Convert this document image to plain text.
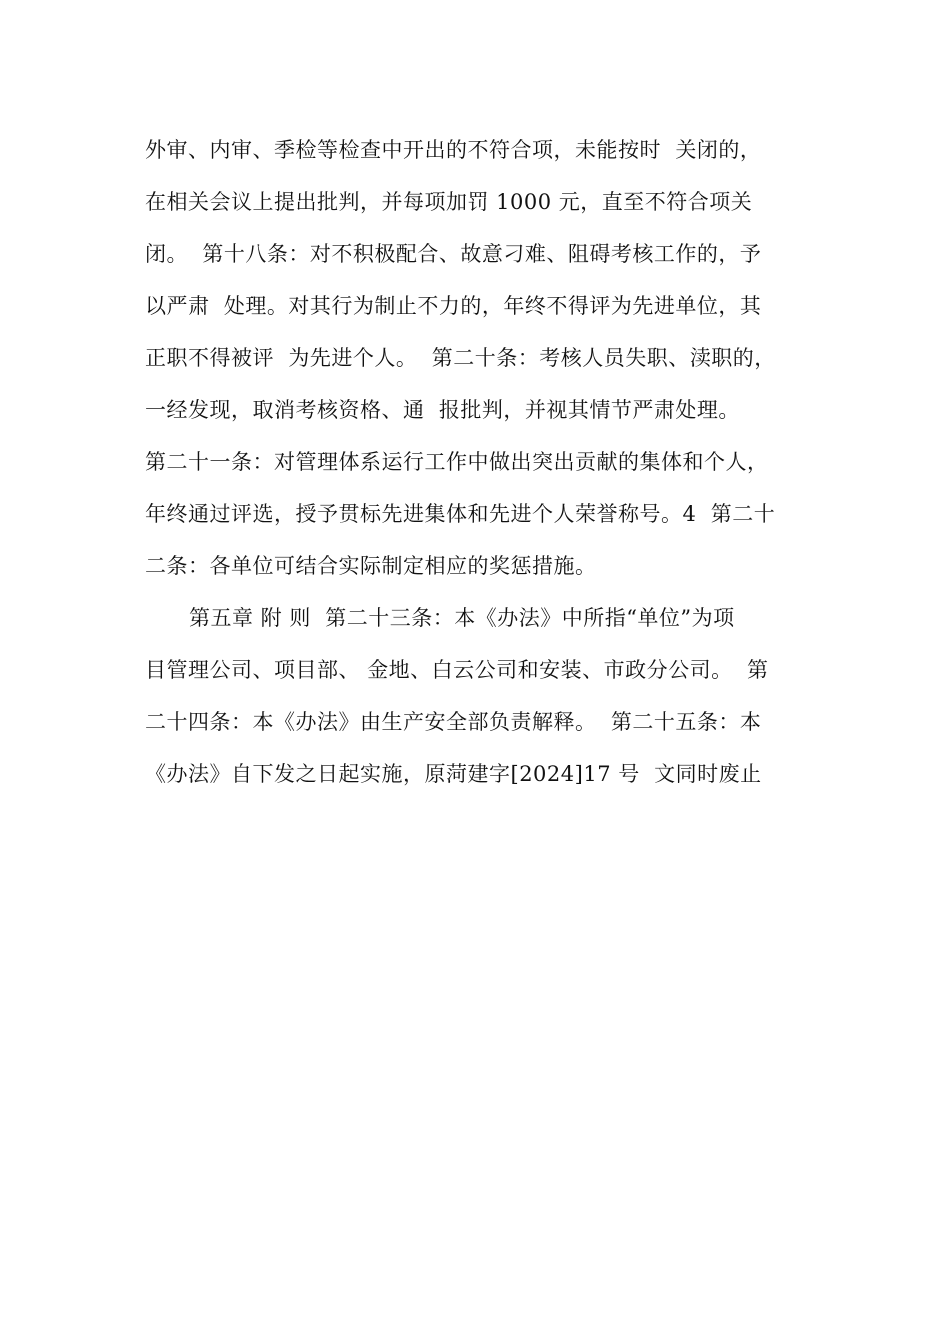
外审、内审、季检等检查中开出的不符合项，未能按时  关闭的，
在相关会议上提出批判，并每项加罚 1000 元，直至不符合项关
闭。  第十八条：对不积极配合、故意刁难、阻碍考核工作的，予
以严肃  处理。对其行为制止不力的，年终不得评为先进单位，其
正职不得被评  为先进个人。  第二十条：考核人员失职、渎职的，
一经发现，取消考核资格、通  报批判，并视其情节严肃处理。
第二十一条：对管理体系运行工作中做出突出贡献的集体和个人，
年终通过评选，授予贯标先进集体和先进个人荣誉称号。4  第二十
二条：各单位可结合实际制定相应的奖惩措施。
第五章 附 则  第二十三条：本《办法》中所指“单位”为项
目管理公司、项目部、 金地、白云公司和安装、市政分公司。  第
二十四条：本《办法》由生产安全部负责解释。  第二十五条：本
《办法》自下发之日起实施，原菏建字[2024]17 号  文同时废止
